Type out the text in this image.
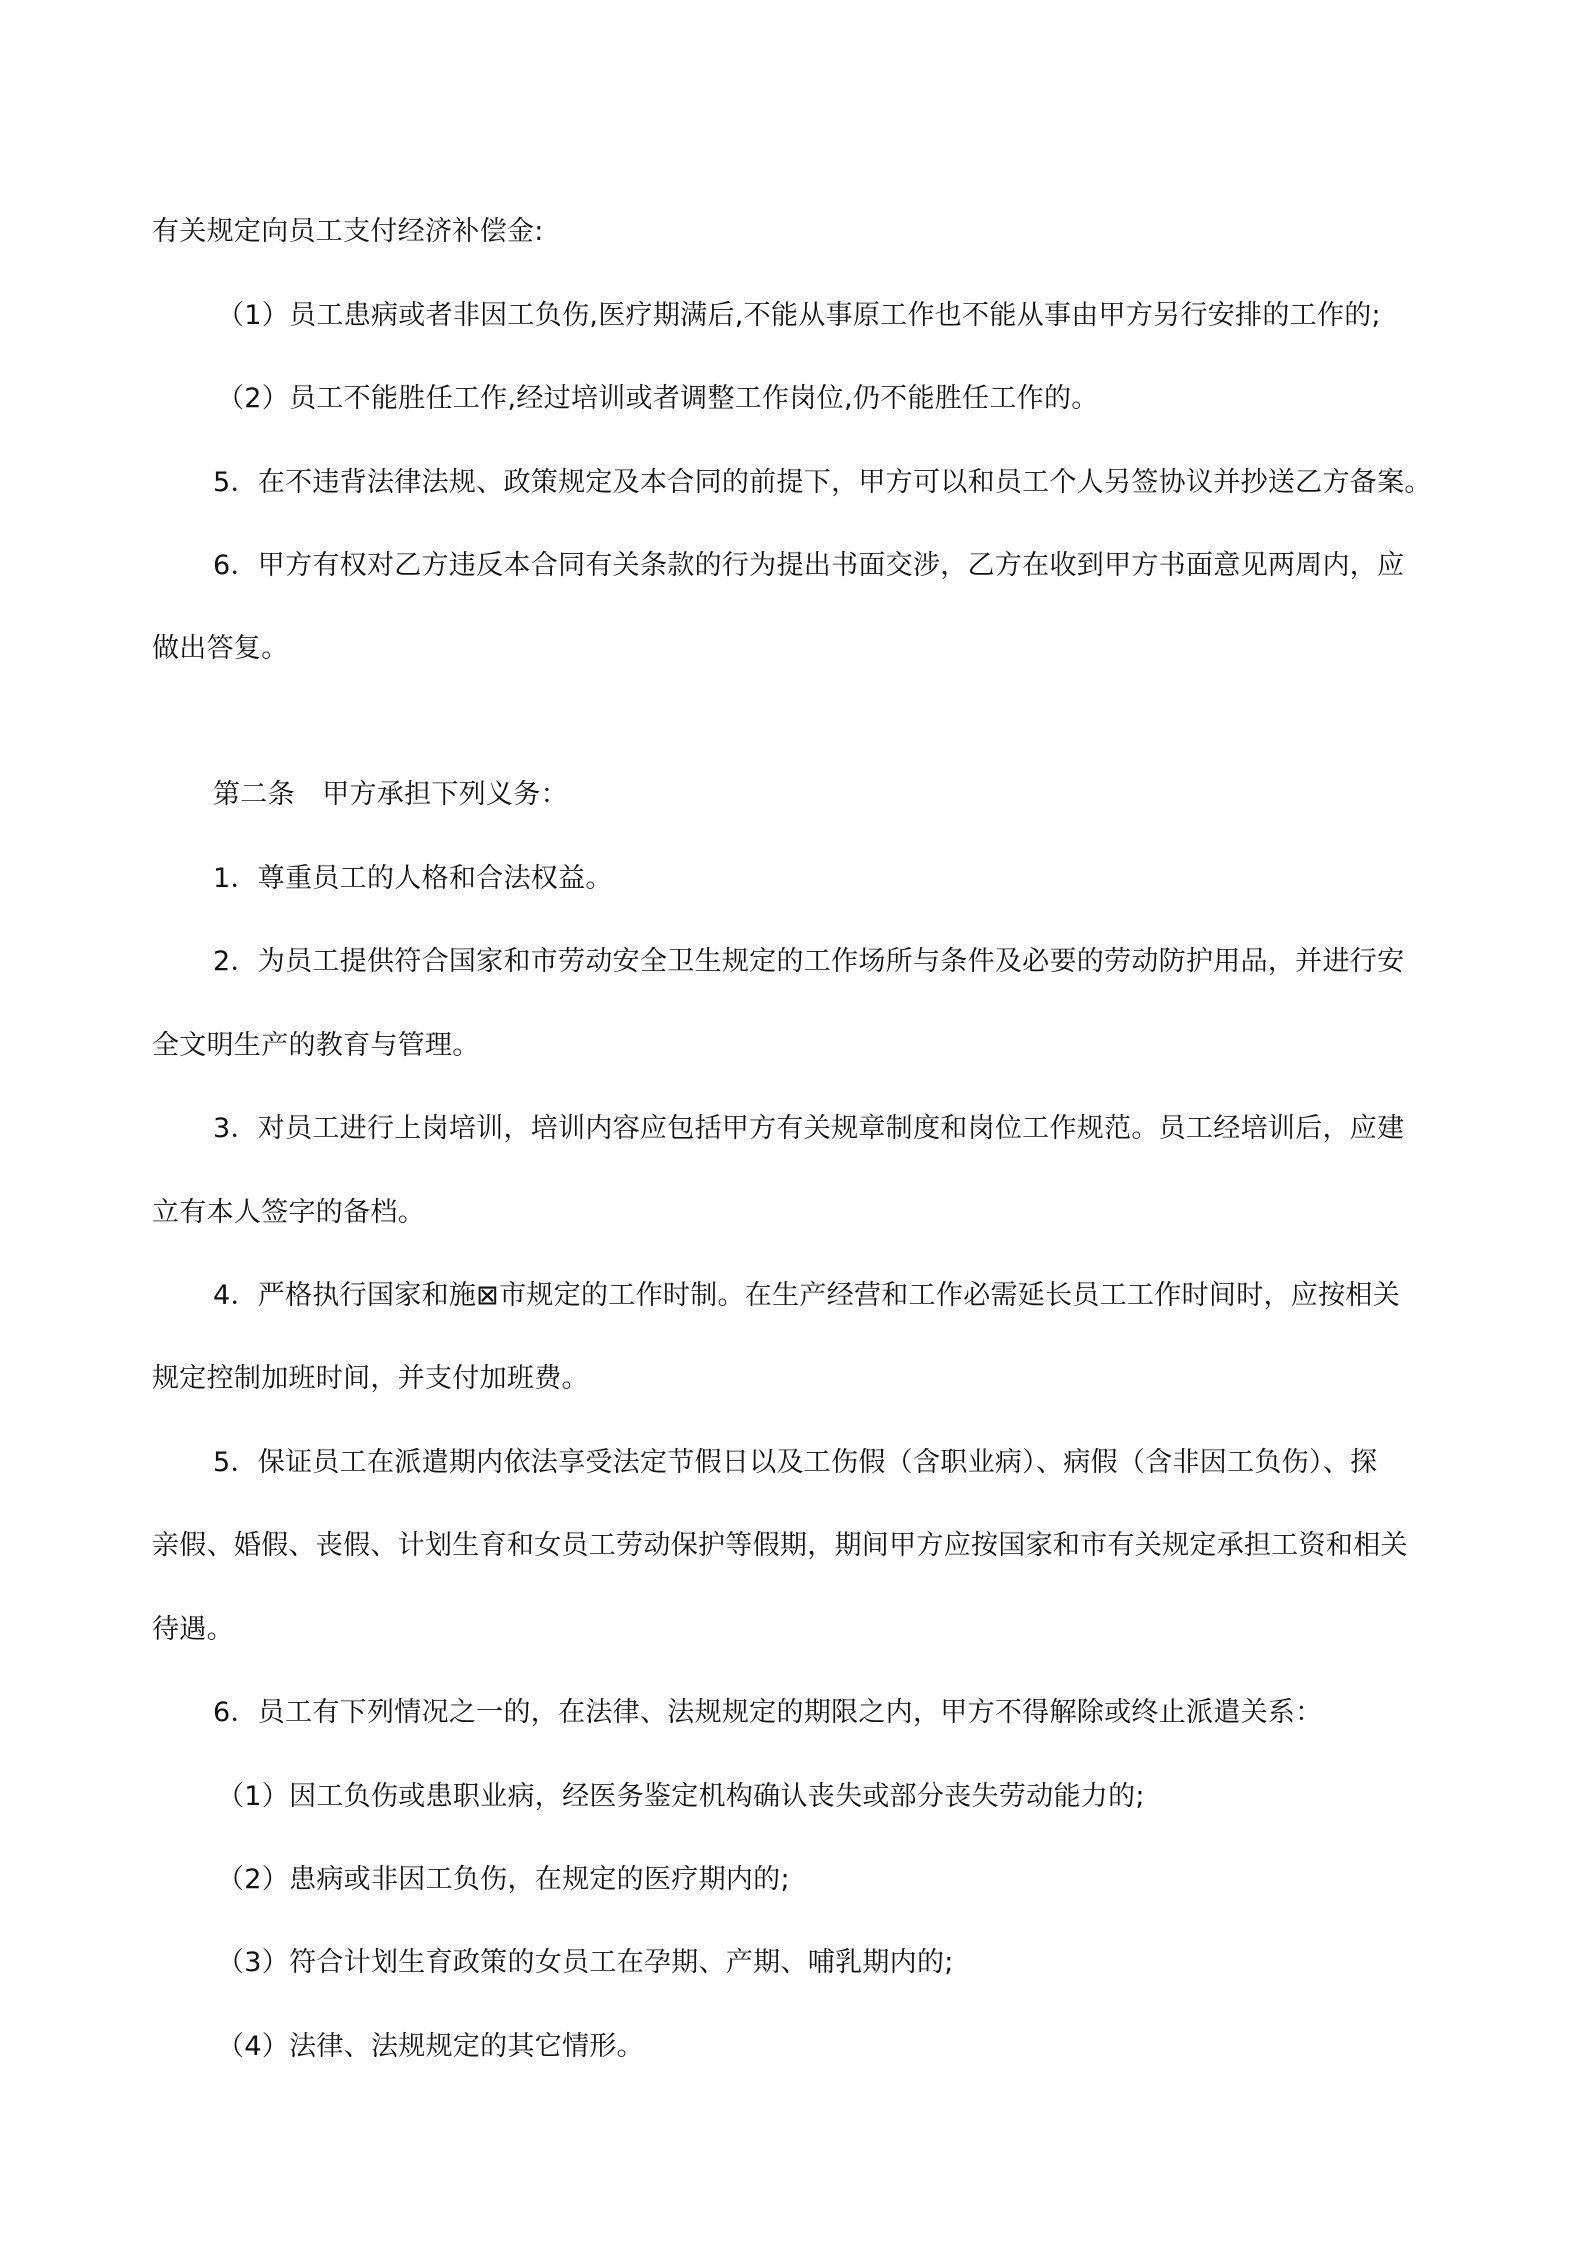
有关规定向员工支付经济补偿金:

（1）员工患病或者非因工负伤,医疗期满后,不能从事原工作也不能从事由甲方另行安排的工作的;

（2）员工不能胜任工作,经过培训或者调整工作岗位,仍不能胜任工作的。

5．在不违背法律法规、政策规定及本合同的前提下，甲方可以和员工个人另签协议并抄送乙方备案。

6．甲方有权对乙方违反本合同有关条款的行为提出书面交涉，乙方在收到甲方书面意见两周内，应

做出答复。

第二条　甲方承担下列义务：

1．尊重员工的人格和合法权益。

2．为员工提供符合国家和市劳动安全卫生规定的工作场所与条件及必要的劳动防护用品，并进行安

全文明生产的教育与管理。

3．对员工进行上岗培训，培训内容应包括甲方有关规章制度和岗位工作规范。员工经培训后，应建

立有本人签字的备档。

4．严格执行国家和施⊠市规定的工作时制。在生产经营和工作必需延长员工工作时间时，应按相关

规定控制加班时间，并支付加班费。

5．保证员工在派遣期内依法享受法定节假日以及工伤假（含职业病）、病假（含非因工负伤）、探

亲假、婚假、丧假、计划生育和女员工劳动保护等假期，期间甲方应按国家和市有关规定承担工资和相关

待遇。

6．员工有下列情况之一的，在法律、法规规定的期限之内，甲方不得解除或终止派遣关系：

（1）因工负伤或患职业病，经医务鉴定机构确认丧失或部分丧失劳动能力的;

（2）患病或非因工负伤，在规定的医疗期内的;

（3）符合计划生育政策的女员工在孕期、产期、哺乳期内的;

（4）法律、法规规定的其它情形。
